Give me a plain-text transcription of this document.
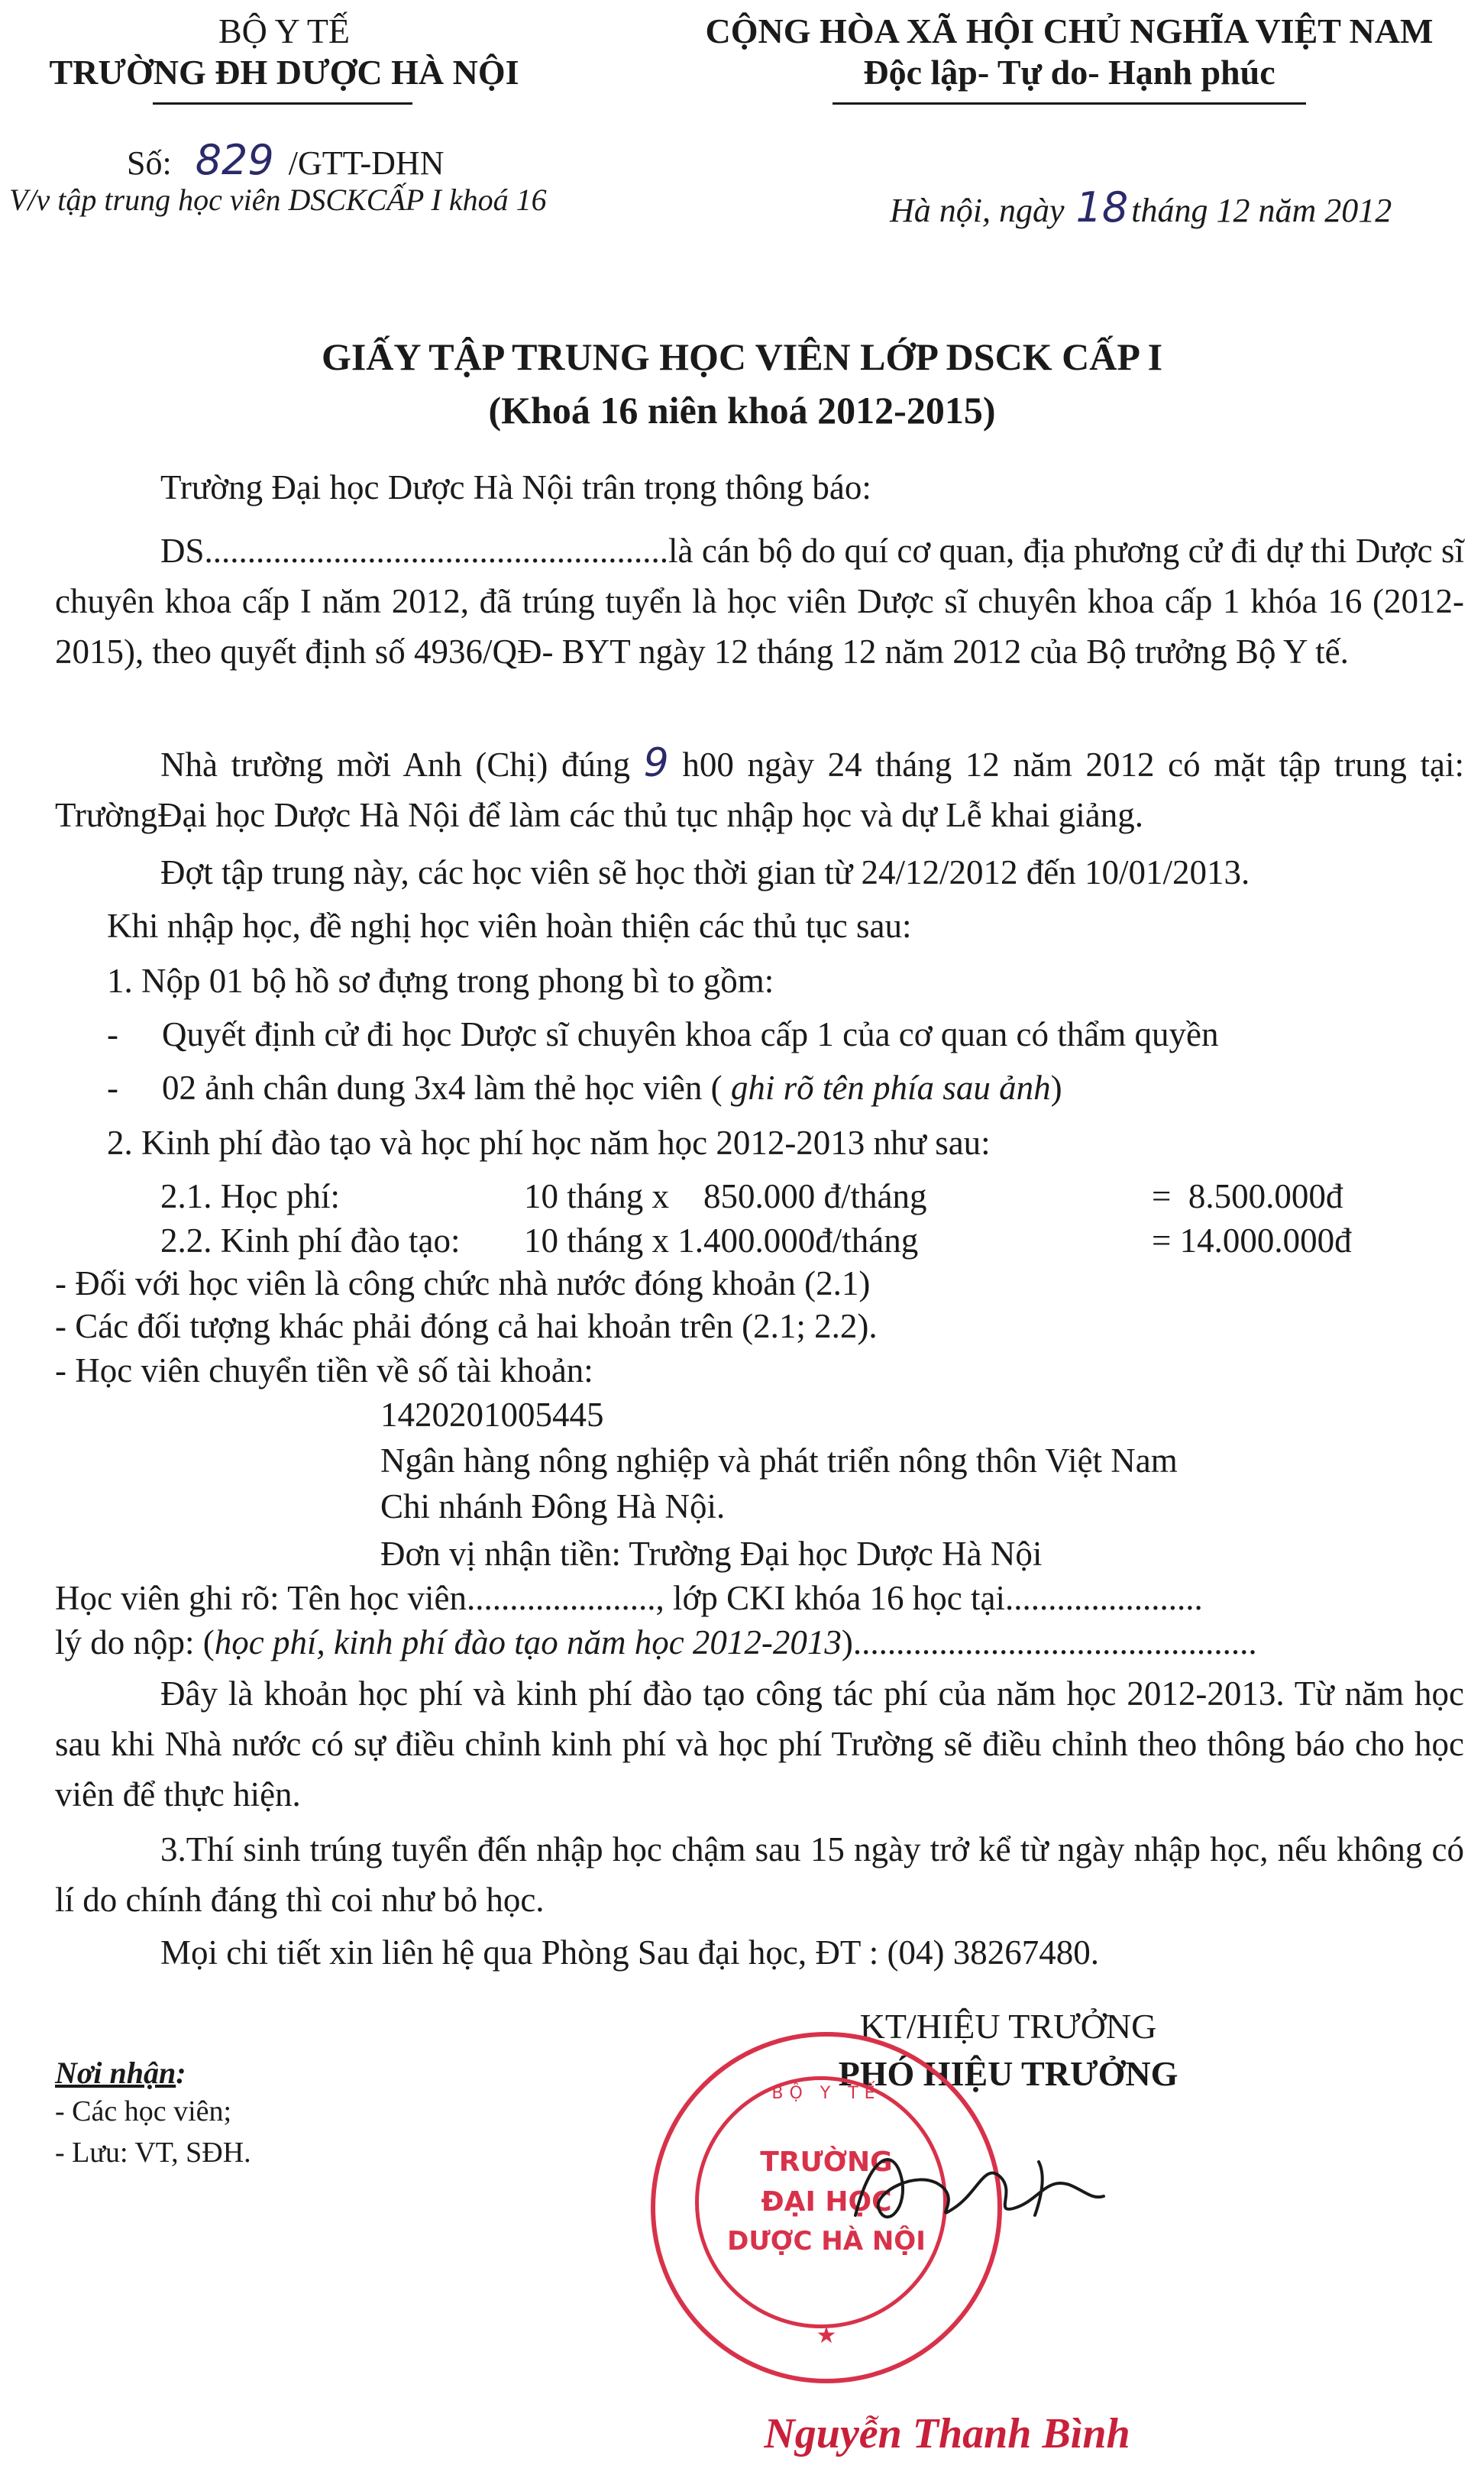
BỘ Y TẾ
TRƯỜNG ĐH DƯỢC HÀ NỘI
Số: 829 /GTT-DHN
V/v tập trung học viên DSCKCẤP I khoá 16
CỘNG HÒA XÃ HỘI CHỦ NGHĨA VIỆT NAM
Độc lập- Tự do- Hạnh phúc
Hà nội, ngày 18tháng 12 năm 2012
GIẤY TẬP TRUNG HỌC VIÊN LỚP DSCK CẤP I
(Khoá 16 niên khoá 2012-2015)
Trường Đại học Dược Hà Nội trân trọng thông báo:
DS......................................................là cán bộ do quí cơ quan, địa phương cử đi dự thi Dược sĩ chuyên khoa cấp I năm 2012, đã trúng tuyển là học viên Dược sĩ chuyên khoa cấp 1 khóa 16 (2012-2015), theo quyết định số 4936/QĐ- BYT ngày 12 tháng 12 năm 2012 của Bộ trưởng Bộ Y tế.
Nhà trường mời Anh (Chị) đúng 9 h00 ngày 24 tháng 12 năm 2012 có mặt tập trung tại: TrườngĐại học Dược Hà Nội để làm các thủ tục nhập học và dự Lễ khai giảng.
Đợt tập trung này, các học viên sẽ học thời gian từ 24/12/2012 đến 10/01/2013.
Khi nhập học, đề nghị học viên hoàn thiện các thủ tục sau:
1. Nộp 01 bộ hồ sơ đựng trong phong bì to gồm:
- Quyết định cử đi học Dược sĩ chuyên khoa cấp 1 của cơ quan có thẩm quyền
- 02 ảnh chân dung 3x4 làm thẻ học viên ( ghi rõ tên phía sau ảnh)
2. Kinh phí đào tạo và học phí học năm học 2012-2013 như sau:
2.1. Học phí:	10 tháng x    850.000 đ/tháng	=  8.500.000đ
2.2. Kinh phí đào tạo: 10 tháng x 1.400.000đ/tháng	= 14.000.000đ
- Đối với học viên là công chức nhà nước đóng khoản (2.1)
- Các đối tượng khác phải đóng cả hai khoản trên (2.1; 2.2).
- Học viên chuyển tiền về số tài khoản:
1420201005445
Ngân hàng nông nghiệp và phát triển nông thôn Việt Nam
Chi nhánh Đông Hà Nội.
Đơn vị nhận tiền: Trường Đại học Dược Hà Nội
Học viên ghi rõ: Tên học viên......................, lớp CKI khóa 16 học tại.......................
lý do nộp: (học phí, kinh phí đào tạo năm học 2012-2013)...............................................
Đây là khoản học phí và kinh phí đào tạo công tác phí của năm học 2012-2013. Từ năm học sau khi Nhà nước có sự điều chỉnh kinh phí và học phí Trường sẽ điều chỉnh theo thông báo cho học viên để thực hiện.
3.Thí sinh trúng tuyển đến nhập học chậm sau 15 ngày trở kể từ ngày nhập học, nếu không có lí do chính đáng thì coi như bỏ học.
Mọi chi tiết xin liên hệ qua Phòng Sau đại học, ĐT : (04) 38267480.
Nơi nhận:
- Các học viên;
- Lưu: VT, SĐH.
KT/HIỆU TRƯỞNG
PHÓ HIỆU TRƯỞNG
BỘ Y TẾ
TRƯỜNG
ĐẠI HỌC
DƯỢC HÀ NỘI
★
Nguyễn Thanh Bình
